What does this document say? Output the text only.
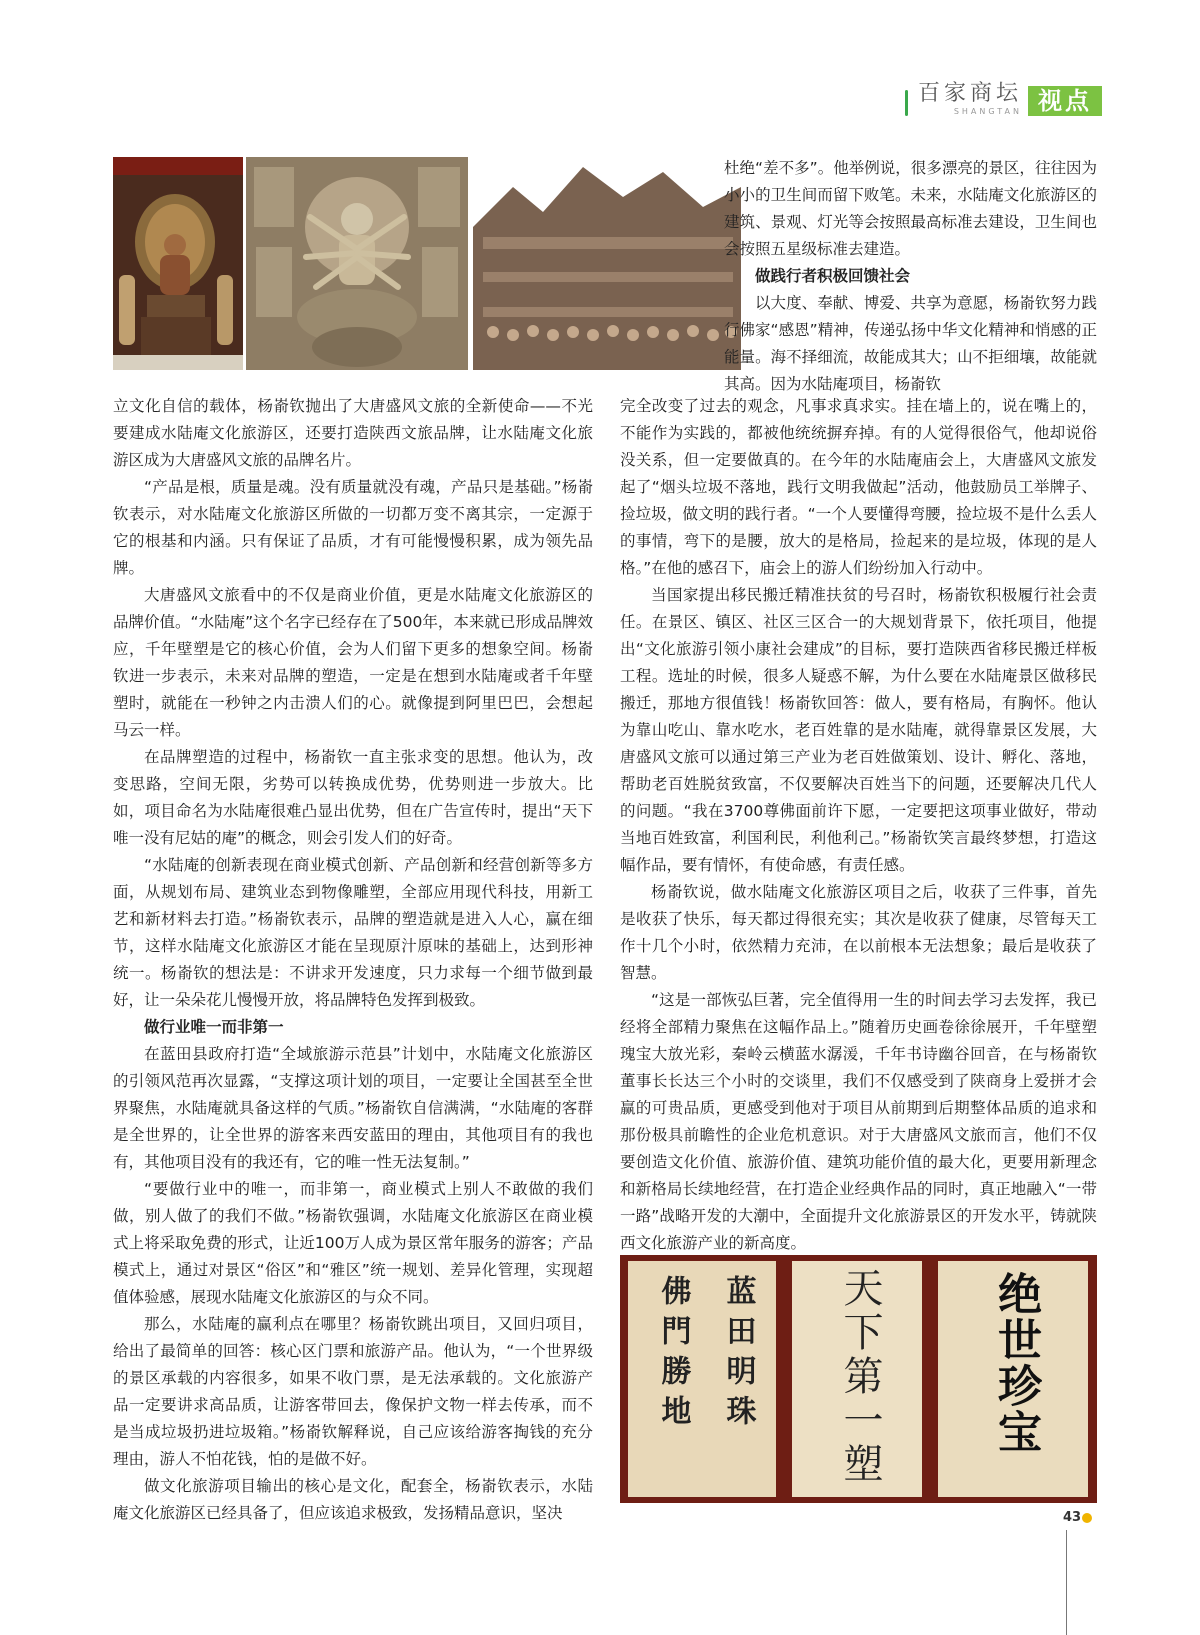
百家商坛
SHANGTAN 视点

杜绝“差不多”。他举例说，很多漂亮的景区，往往因为小小的卫生间而留下败笔。未来，水陆庵文化旅游区的建筑、景观、灯光等会按照最高标准去建设，卫生间也会按照五星级标准去建造。

做践行者积极回馈社会

以大度、奉献、博爱、共享为意愿，杨嵛钦努力践行佛家“感恩”精神，传递弘扬中华文化精神和悄感的正能量。海不择细流，故能成其大；山不拒细壤，故能就其高。因为水陆庵项目，杨嵛钦

立文化自信的载体，杨嵛钦抛出了大唐盛风文旅的全新使命——不光要建成水陆庵文化旅游区，还要打造陕西文旅品牌，让水陆庵文化旅游区成为大唐盛风文旅的品牌名片。

“产品是根，质量是魂。没有质量就没有魂，产品只是基础。”杨嵛钦表示，对水陆庵文化旅游区所做的一切都万变不离其宗，一定源于它的根基和内涵。只有保证了品质，才有可能慢慢积累，成为领先品牌。

大唐盛风文旅看中的不仅是商业价值，更是水陆庵文化旅游区的品牌价值。“水陆庵”这个名字已经存在了500年，本来就已形成品牌效应，千年壁塑是它的核心价值，会为人们留下更多的想象空间。杨嵛钦进一步表示，未来对品牌的塑造，一定是在想到水陆庵或者千年壁塑时，就能在一秒钟之内击溃人们的心。就像提到阿里巴巴，会想起马云一样。

在品牌塑造的过程中，杨嵛钦一直主张求变的思想。他认为，改变思路，空间无限，劣势可以转换成优势，优势则进一步放大。比如，项目命名为水陆庵很难凸显出优势，但在广告宣传时，提出“天下唯一没有尼姑的庵”的概念，则会引发人们的好奇。

“水陆庵的创新表现在商业模式创新、产品创新和经营创新等多方面，从规划布局、建筑业态到物像雕塑，全部应用现代科技，用新工艺和新材料去打造。”杨嵛钦表示，品牌的塑造就是进入人心，赢在细节，这样水陆庵文化旅游区才能在呈现原汁原味的基础上，达到形神统一。杨嵛钦的想法是：不讲求开发速度，只力求每一个细节做到最好，让一朵朵花儿慢慢开放，将品牌特色发挥到极致。

做行业唯一而非第一

在蓝田县政府打造“全域旅游示范县”计划中，水陆庵文化旅游区的引领风范再次显露，“支撑这项计划的项目，一定要让全国甚至全世界聚焦，水陆庵就具备这样的气质。”杨嵛钦自信满满，“水陆庵的客群是全世界的，让全世界的游客来西安蓝田的理由，其他项目有的我也有，其他项目没有的我还有，它的唯一性无法复制。”

“要做行业中的唯一，而非第一，商业模式上别人不敢做的我们做，别人做了的我们不做。”杨嵛钦强调，水陆庵文化旅游区在商业模式上将采取免费的形式，让近100万人成为景区常年服务的游客；产品模式上，通过对景区“俗区”和“雅区”统一规划、差异化管理，实现超值体验感，展现水陆庵文化旅游区的与众不同。

那么，水陆庵的赢利点在哪里？杨嵛钦跳出项目，又回归项目，给出了最简单的回答：核心区门票和旅游产品。他认为，“一个世界级的景区承载的内容很多，如果不收门票，是无法承载的。文化旅游产品一定要讲求高品质，让游客带回去，像保护文物一样去传承，而不是当成垃圾扔进垃圾箱。”杨嵛钦解释说，自己应该给游客掏钱的充分理由，游人不怕花钱，怕的是做不好。

做文化旅游项目输出的核心是文化，配套全，杨嵛钦表示，水陆庵文化旅游区已经具备了，但应该追求极致，发扬精品意识，坚决

完全改变了过去的观念，凡事求真求实。挂在墙上的，说在嘴上的，不能作为实践的，都被他统统摒弃掉。有的人觉得很俗气，他却说俗没关系，但一定要做真的。在今年的水陆庵庙会上，大唐盛风文旅发起了“烟头垃圾不落地，践行文明我做起”活动，他鼓励员工举牌子、捡垃圾，做文明的践行者。“一个人要懂得弯腰，捡垃圾不是什么丢人的事情，弯下的是腰，放大的是格局，捡起来的是垃圾，体现的是人格。”在他的感召下，庙会上的游人们纷纷加入行动中。

当国家提出移民搬迁精准扶贫的号召时，杨嵛钦积极履行社会责任。在景区、镇区、社区三区合一的大规划背景下，依托项目，他提出“文化旅游引领小康社会建成”的目标，要打造陕西省移民搬迁样板工程。选址的时候，很多人疑惑不解，为什么要在水陆庵景区做移民搬迁，那地方很值钱！杨嵛钦回答：做人，要有格局，有胸怀。他认为靠山吃山、靠水吃水，老百姓靠的是水陆庵，就得靠景区发展，大唐盛风文旅可以通过第三产业为老百姓做策划、设计、孵化、落地，帮助老百姓脱贫致富，不仅要解决百姓当下的问题，还要解决几代人的问题。“我在3700尊佛面前许下愿，一定要把这项事业做好，带动当地百姓致富，利国利民，利他利己。”杨嵛钦笑言最终梦想，打造这幅作品，要有情怀，有使命感，有责任感。

杨嵛钦说，做水陆庵文化旅游区项目之后，收获了三件事，首先是收获了快乐，每天都过得很充实；其次是收获了健康，尽管每天工作十几个小时，依然精力充沛，在以前根本无法想象；最后是收获了智慧。

“这是一部恢弘巨著，完全值得用一生的时间去学习去发挥，我已经将全部精力聚焦在这幅作品上。”随着历史画卷徐徐展开，千年壁塑瑰宝大放光彩，秦岭云横蓝水潺湲，千年书诗幽谷回音，在与杨嵛钦董事长长达三个小时的交谈里，我们不仅感受到了陕商身上爱拼才会赢的可贵品质，更感受到他对于项目从前期到后期整体品质的追求和那份极具前瞻性的企业危机意识。对于大唐盛风文旅而言，他们不仅要创造文化价值、旅游价值、建筑功能价值的最大化，更要用新理念和新格局长续地经营，在打造企业经典作品的同时，真正地融入“一带一路”战略开发的大潮中，全面提升文化旅游景区的开发水平，铸就陕西文化旅游产业的新高度。

蓝田明珠
佛門勝地	天下第一塑 绝世珍宝
43
